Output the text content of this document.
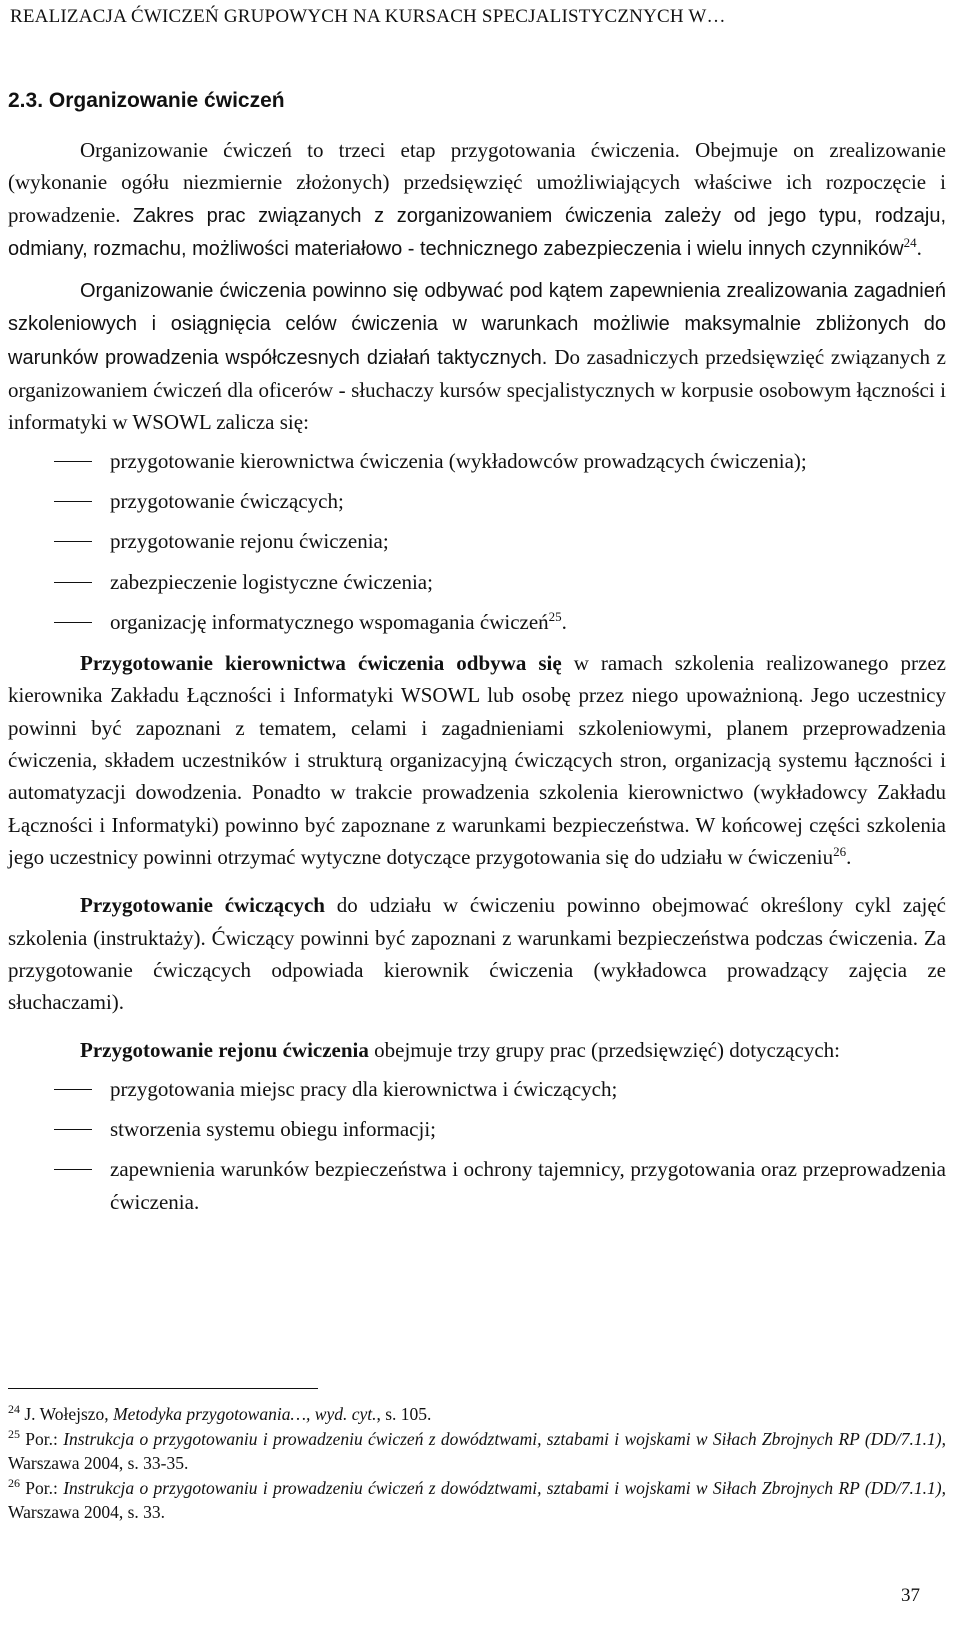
REALIZACJA ĆWICZEŃ GRUPOWYCH NA KURSACH SPECJALISTYCZNYCH W…
2.3. Organizowanie ćwiczeń

Organizowanie ćwiczeń to trzeci etap przygotowania ćwiczenia. Obejmuje on zrealizowanie (wykonanie ogółu niezmiernie złożonych) przedsięwzięć umożliwiających właściwe ich rozpoczęcie i prowadzenie. Zakres prac związanych z zorganizowaniem ćwiczenia zależy od jego typu, rodzaju, odmiany, rozmachu, możliwości materiałowo - technicznego zabezpieczenia i wielu innych czynników$^{24}$.

Organizowanie ćwiczenia powinno się odbywać pod kątem zapewnienia zrealizowania zagadnień szkoleniowych i osiągnięcia celów ćwiczenia w warunkach możliwie maksymalnie zbliżonych do warunków prowadzenia współczesnych działań taktycznych. Do zasadniczych przedsięwzięć związanych z organizowaniem ćwiczeń dla oficerów - słuchaczy kursów specjalistycznych w korpusie osobowym łączności i informatyki w WSOWL zalicza się:

przygotowanie kierownictwa ćwiczenia (wykładowców prowadzących ćwiczenia);
przygotowanie ćwiczących;
przygotowanie rejonu ćwiczenia;
zabezpieczenie logistyczne ćwiczenia;
organizację informatycznego wspomagania ćwiczeń$^{25}$.

Przygotowanie kierownictwa ćwiczenia odbywa się w ramach szkolenia realizowanego przez kierownika Zakładu Łączności i Informatyki WSOWL lub osobę przez niego upoważnioną. Jego uczestnicy powinni być zapoznani z tematem, celami i zagadnieniami szkoleniowymi, planem przeprowadzenia ćwiczenia, składem uczestników i strukturą organizacyjną ćwiczących stron, organizacją systemu łączności i automatyzacji dowodzenia. Ponadto w trakcie prowadzenia szkolenia kierownictwo (wykładowcy Zakładu Łączności i Informatyki) powinno być zapoznane z warunkami bezpieczeństwa. W końcowej części szkolenia jego uczestnicy powinni otrzymać wytyczne dotyczące przygotowania się do udziału w ćwiczeniu$^{26}$.

Przygotowanie ćwiczących do udziału w ćwiczeniu powinno obejmować określony cykl zajęć szkolenia (instruktaży). Ćwiczący powinni być zapoznani z warunkami bezpieczeństwa podczas ćwiczenia. Za przygotowanie ćwiczących odpowiada kierownik ćwiczenia (wykładowca prowadzący zajęcia ze słuchaczami).

Przygotowanie rejonu ćwiczenia obejmuje trzy grupy prac (przedsięwzięć) dotyczących:

przygotowania miejsc pracy dla kierownictwa i ćwiczących;
stworzenia systemu obiegu informacji;
zapewnienia warunków bezpieczeństwa i ochrony tajemnicy, przygotowania oraz przeprowadzenia ćwiczenia.

$^{24}$ J. Wołejszo, Metodyka przygotowania…, wyd. cyt., s. 105.

$^{25}$ Por.: Instrukcja o przygotowaniu i prowadzeniu ćwiczeń z dowództwami, sztabami i wojskami w Siłach Zbrojnych RP (DD/7.1.1), Warszawa 2004, s. 33-35.

$^{26}$ Por.: Instrukcja o przygotowaniu i prowadzeniu ćwiczeń z dowództwami, sztabami i wojskami w Siłach Zbrojnych RP (DD/7.1.1), Warszawa 2004, s. 33.

37
